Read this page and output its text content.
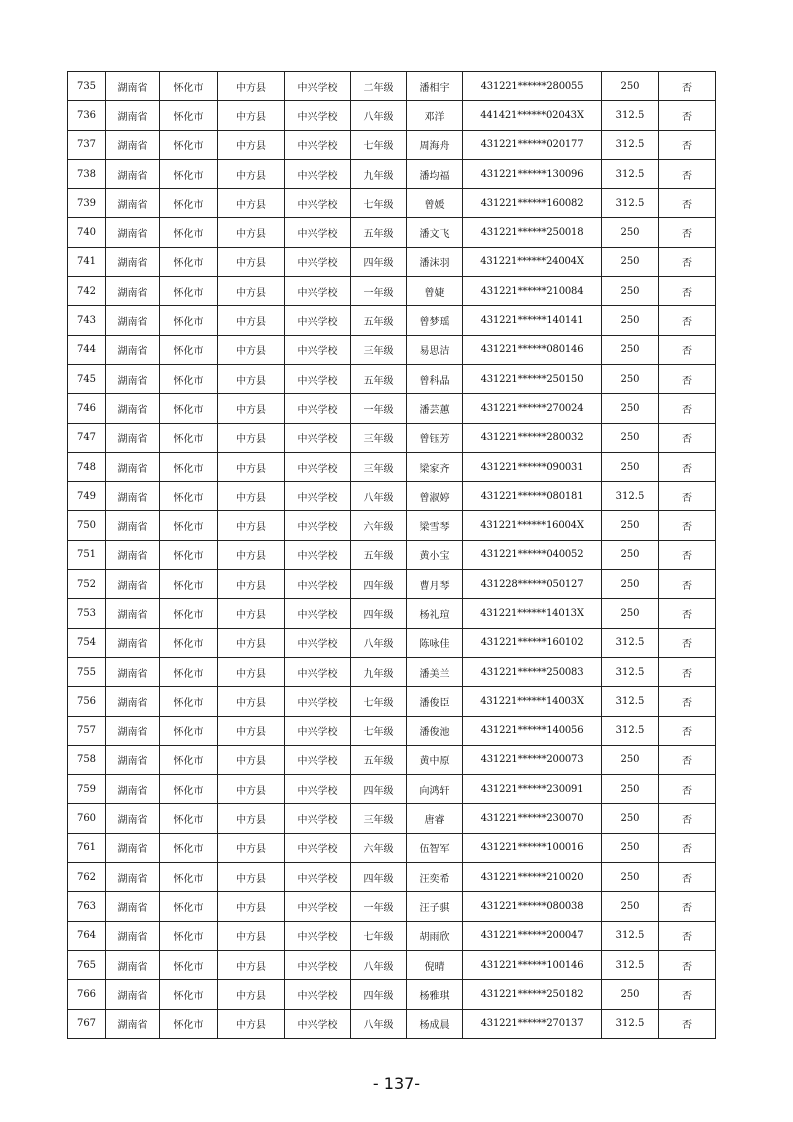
735	湖南省	怀化市	中方县	中兴学校	二年级	潘相宇	431221******280055	250	否
736	湖南省	怀化市	中方县	中兴学校	八年级	邓洋	441421******02043X	312.5	否
737	湖南省	怀化市	中方县	中兴学校	七年级	周海舟	431221******020177	312.5	否
738	湖南省	怀化市	中方县	中兴学校	九年级	潘均福	431221******130096	312.5	否
739	湖南省	怀化市	中方县	中兴学校	七年级	曾媛	431221******160082	312.5	否
740	湖南省	怀化市	中方县	中兴学校	五年级	潘文飞	431221******250018	250	否
741	湖南省	怀化市	中方县	中兴学校	四年级	潘沫羽	431221******24004X	250	否
742	湖南省	怀化市	中方县	中兴学校	一年级	曾婕	431221******210084	250	否
743	湖南省	怀化市	中方县	中兴学校	五年级	曾梦瑶	431221******140141	250	否
744	湖南省	怀化市	中方县	中兴学校	三年级	易思洁	431221******080146	250	否
745	湖南省	怀化市	中方县	中兴学校	五年级	曾科晶	431221******250150	250	否
746	湖南省	怀化市	中方县	中兴学校	一年级	潘芸蕙	431221******270024	250	否
747	湖南省	怀化市	中方县	中兴学校	三年级	曾钰芳	431221******280032	250	否
748	湖南省	怀化市	中方县	中兴学校	三年级	梁家齐	431221******090031	250	否
749	湖南省	怀化市	中方县	中兴学校	八年级	曾淑婷	431221******080181	312.5	否
750	湖南省	怀化市	中方县	中兴学校	六年级	梁雪琴	431221******16004X	250	否
751	湖南省	怀化市	中方县	中兴学校	五年级	黄小宝	431221******040052	250	否
752	湖南省	怀化市	中方县	中兴学校	四年级	曹月琴	431228******050127	250	否
753	湖南省	怀化市	中方县	中兴学校	四年级	杨礼瑄	431221******14013X	250	否
754	湖南省	怀化市	中方县	中兴学校	八年级	陈咏佳	431221******160102	312.5	否
755	湖南省	怀化市	中方县	中兴学校	九年级	潘美兰	431221******250083	312.5	否
756	湖南省	怀化市	中方县	中兴学校	七年级	潘俊臣	431221******14003X	312.5	否
757	湖南省	怀化市	中方县	中兴学校	七年级	潘俊池	431221******140056	312.5	否
758	湖南省	怀化市	中方县	中兴学校	五年级	黄中原	431221******200073	250	否
759	湖南省	怀化市	中方县	中兴学校	四年级	向鸿轩	431221******230091	250	否
760	湖南省	怀化市	中方县	中兴学校	三年级	唐睿	431221******230070	250	否
761	湖南省	怀化市	中方县	中兴学校	六年级	伍智军	431221******100016	250	否
762	湖南省	怀化市	中方县	中兴学校	四年级	汪奕希	431221******210020	250	否
763	湖南省	怀化市	中方县	中兴学校	一年级	汪子骐	431221******080038	250	否
764	湖南省	怀化市	中方县	中兴学校	七年级	胡雨欣	431221******200047	312.5	否
765	湖南省	怀化市	中方县	中兴学校	八年级	倪晴	431221******100146	312.5	否
766	湖南省	怀化市	中方县	中兴学校	四年级	杨雅琪	431221******250182	250	否
767	湖南省	怀化市	中方县	中兴学校	八年级	杨成晨	431221******270137	312.5	否
- 137-
